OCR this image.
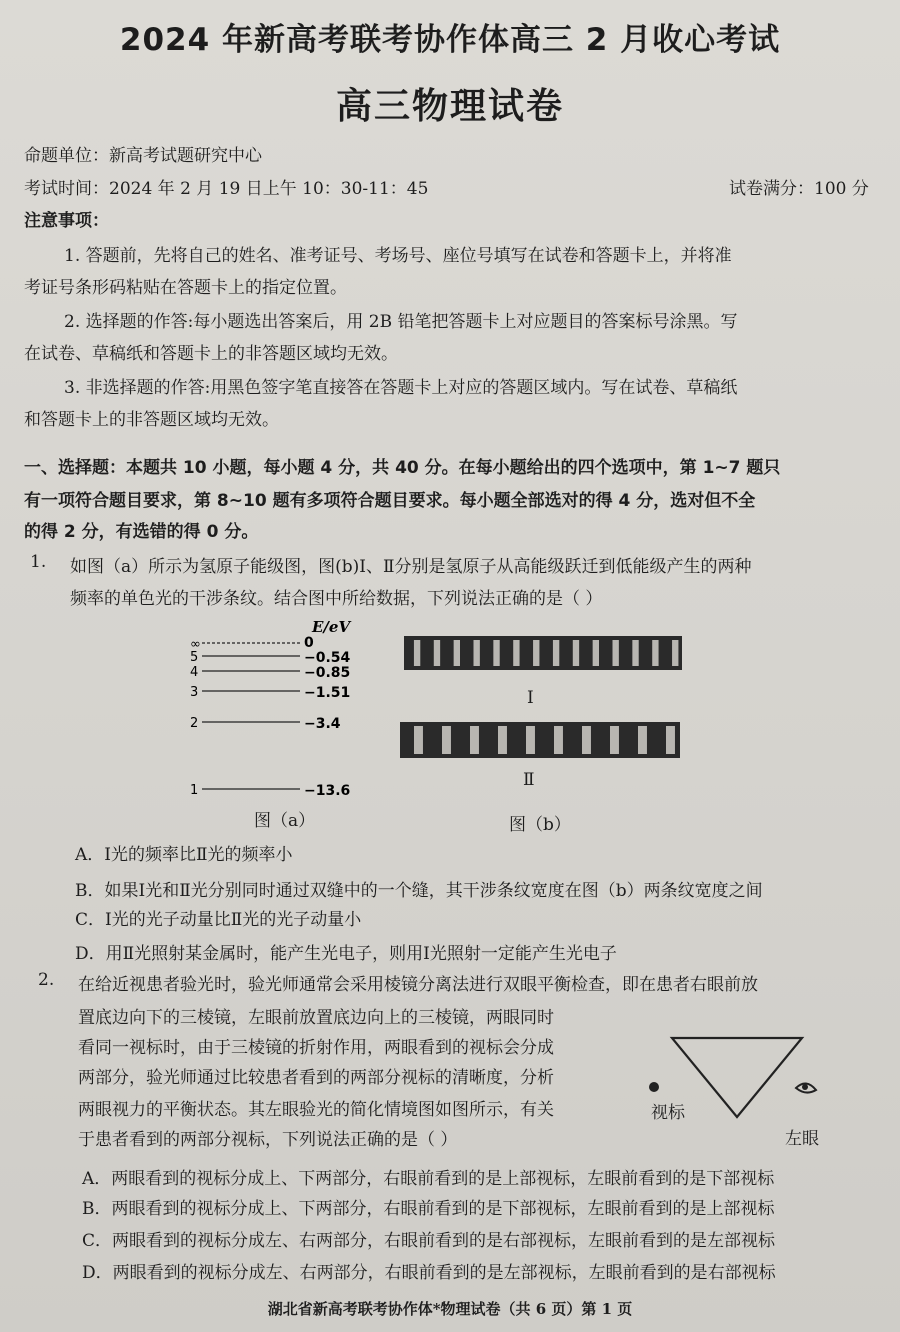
2024 年新高考联考协作体高三 2 月收心考试
高三物理试卷
命题单位：新高考试题研究中心
考试时间：2024 年 2 月 19 日上午 10：30-11：45	试卷满分：100 分
注意事项：
1. 答题前，先将自己的姓名、准考证号、考场号、座位号填写在试卷和答题卡上，并将准
考证号条形码粘贴在答题卡上的指定位置。
2. 选择题的作答:每小题选出答案后，用 2B 铅笔把答题卡上对应题目的答案标号涂黑。写
在试卷、草稿纸和答题卡上的非答题区域均无效。
3. 非选择题的作答:用黑色签字笔直接答在答题卡上对应的答题区域内。写在试卷、草稿纸
和答题卡上的非答题区域均无效。
一、选择题：本题共 10 小题，每小题 4 分，共 40 分。在每小题给出的四个选项中，第 1~7 题只
有一项符合题目要求，第 8~10 题有多项符合题目要求。每小题全部选对的得 4 分，选对但不全
的得 2 分，有选错的得 0 分。
1. 如图（a）所示为氢原子能级图，图(b)Ⅰ、Ⅱ分别是氢原子从高能级跃迁到低能级产生的两种
频率的单色光的干涉条纹。结合图中所给数据，下列说法正确的是（ ）
E/eV
∞	0
5	−0.54
4	−0.85
3	−1.51
2	−3.4
1	−13.6
图（a）
Ⅰ
Ⅱ
图（b）
A．Ⅰ光的频率比Ⅱ光的频率小
B．如果Ⅰ光和Ⅱ光分别同时通过双缝中的一个缝，其干涉条纹宽度在图（b）两条纹宽度之间
C．Ⅰ光的光子动量比Ⅱ光的光子动量小
D．用Ⅱ光照射某金属时，能产生光电子，则用Ⅰ光照射一定能产生光电子
2. 在给近视患者验光时，验光师通常会采用棱镜分离法进行双眼平衡检查，即在患者右眼前放
置底边向下的三棱镜，左眼前放置底边向上的三棱镜，两眼同时
看同一视标时，由于三棱镜的折射作用，两眼看到的视标会分成
两部分，验光师通过比较患者看到的两部分视标的清晰度，分析
两眼视力的平衡状态。其左眼验光的简化情境图如图所示，有关
于患者看到的两部分视标，下列说法正确的是（ ）
视标
左眼
A．两眼看到的视标分成上、下两部分，右眼前看到的是上部视标，左眼前看到的是下部视标
B．两眼看到的视标分成上、下两部分，右眼前看到的是下部视标，左眼前看到的是上部视标
C．两眼看到的视标分成左、右两部分，右眼前看到的是右部视标，左眼前看到的是左部视标
D．两眼看到的视标分成左、右两部分，右眼前看到的是左部视标，左眼前看到的是右部视标
湖北省新高考联考协作体*物理试卷（共 6 页）第 1 页
